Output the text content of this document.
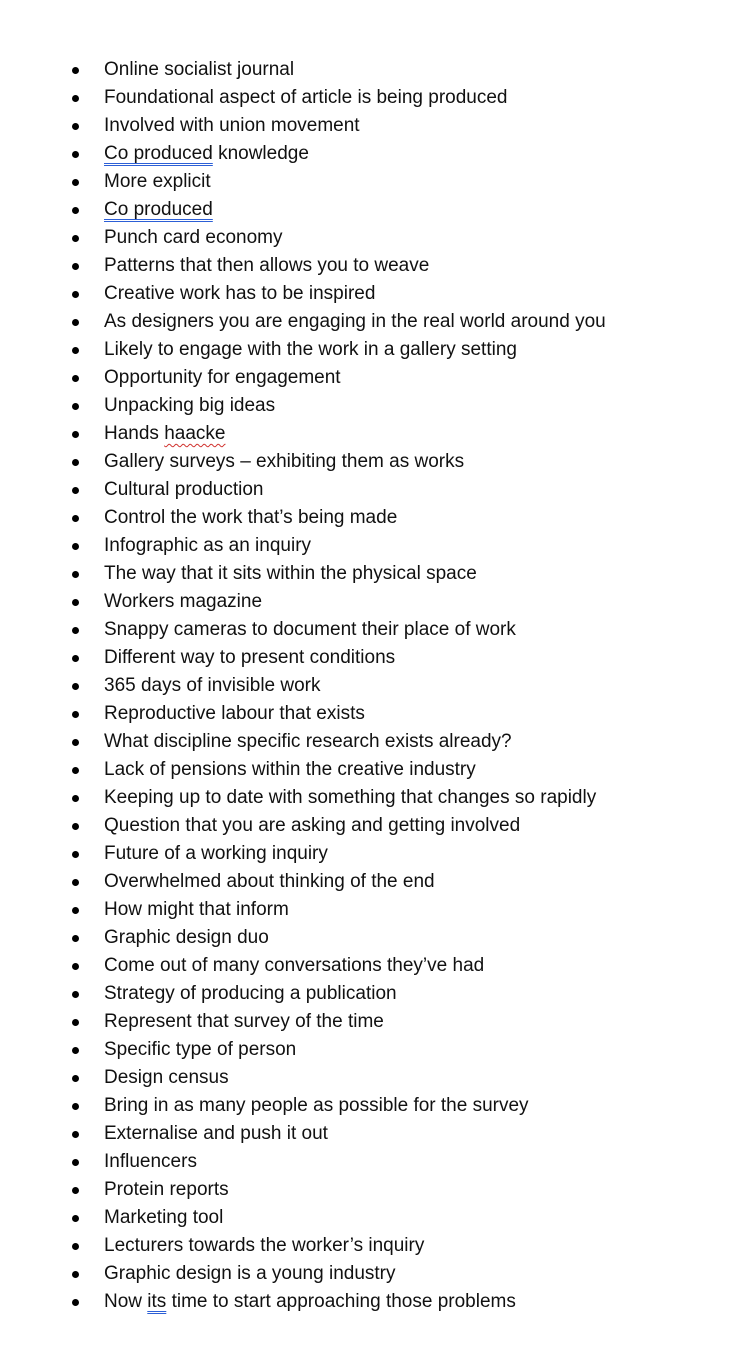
Online socialist journal
Foundational aspect of article is being produced
Involved with union movement
Co produced knowledge
More explicit
Co produced
Punch card economy
Patterns that then allows you to weave
Creative work has to be inspired
As designers you are engaging in the real world around you
Likely to engage with the work in a gallery setting
Opportunity for engagement
Unpacking big ideas
Hands haacke
Gallery surveys – exhibiting them as works
Cultural production
Control the work that’s being made
Infographic as an inquiry
The way that it sits within the physical space
Workers magazine
Snappy cameras to document their place of work
Different way to present conditions
365 days of invisible work
Reproductive labour that exists
What discipline specific research exists already?
Lack of pensions within the creative industry
Keeping up to date with something that changes so rapidly
Question that you are asking and getting involved
Future of a working inquiry
Overwhelmed about thinking of the end
How might that inform
Graphic design duo
Come out of many conversations they’ve had
Strategy of producing a publication
Represent that survey of the time
Specific type of person
Design census
Bring in as many people as possible for the survey
Externalise and push it out
Influencers
Protein reports
Marketing tool
Lecturers towards the worker’s inquiry
Graphic design is a young industry
Now its time to start approaching those problems
